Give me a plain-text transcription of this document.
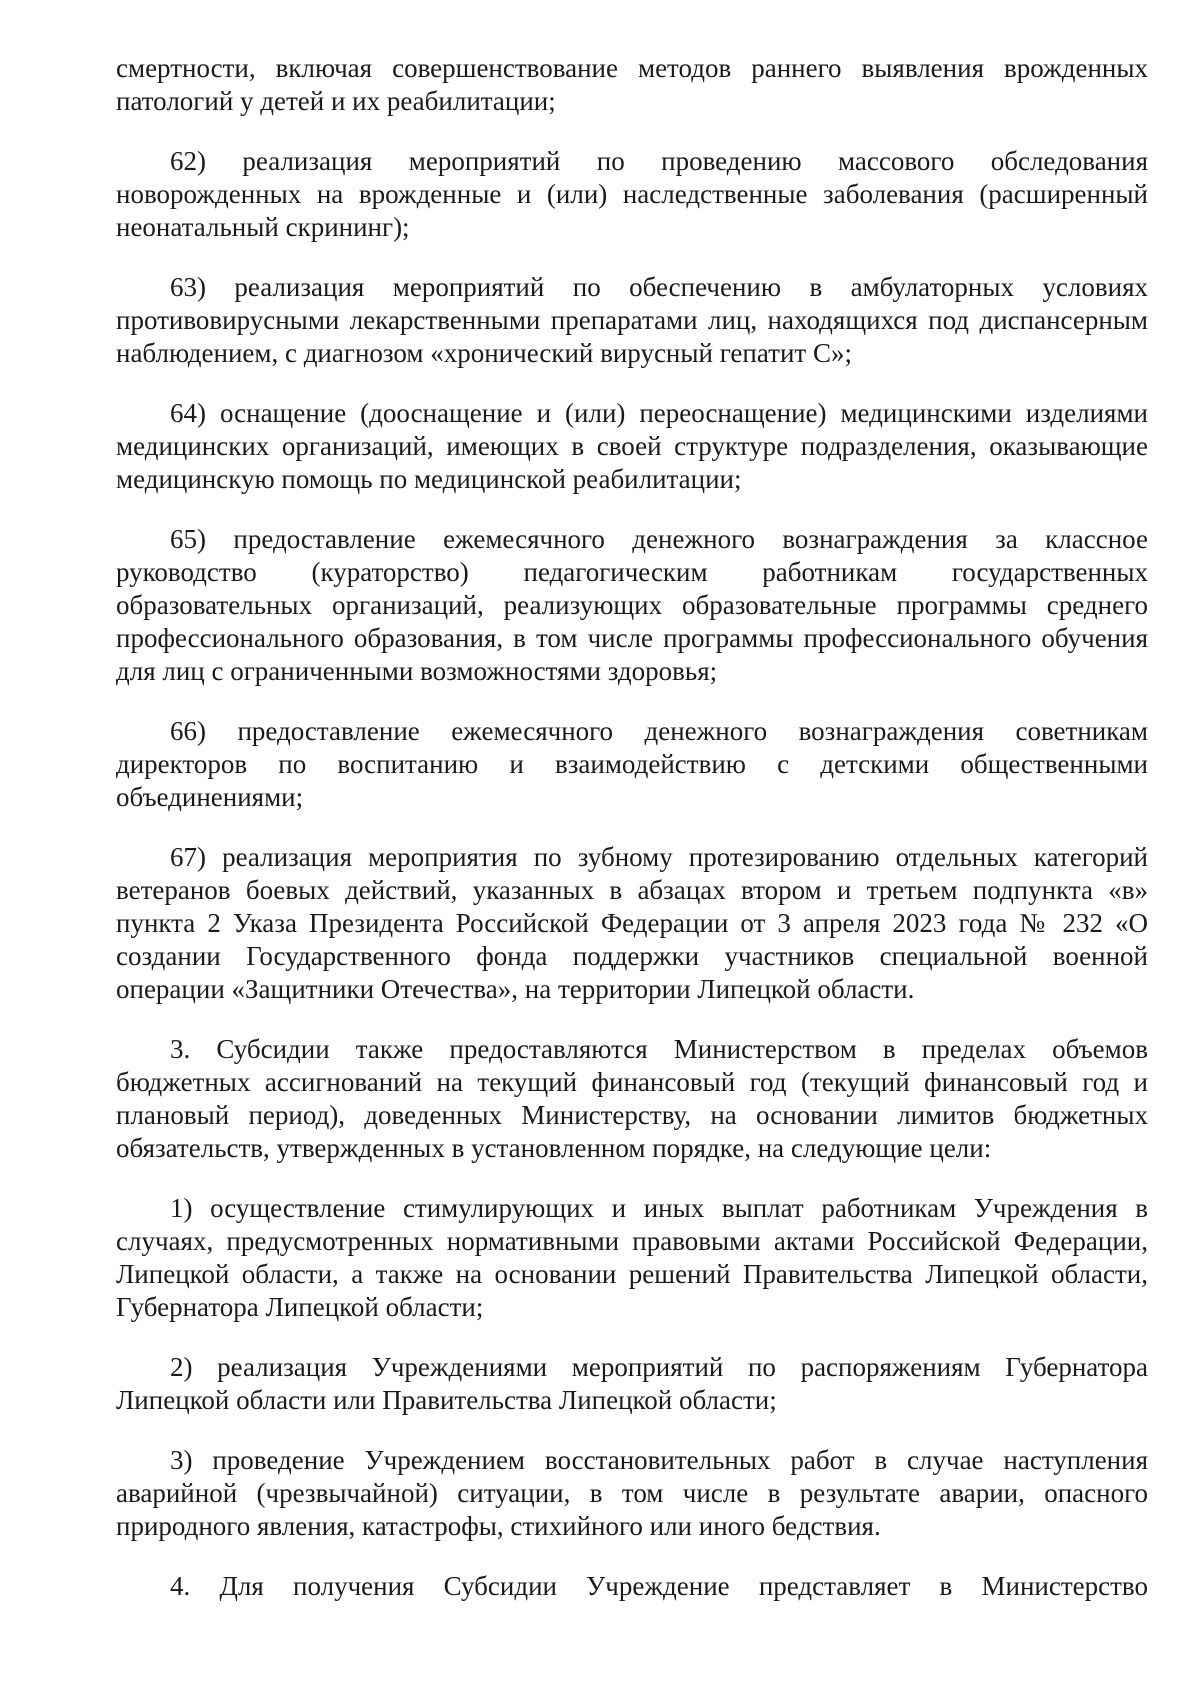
смертности, включая совершенствование методов раннего выявления врожденных патологий у детей и их реабилитации;

62) реализация мероприятий по проведению массового обследования новорожденных на врожденные и (или) наследственные заболевания (расширенный неонатальный скрининг);

63) реализация мероприятий по обеспечению в амбулаторных условиях противовирусными лекарственными препаратами лиц, находящихся под диспансерным наблюдением, с диагнозом «хронический вирусный гепатит С»;

64) оснащение (дооснащение и (или) переоснащение) медицинскими изделиями медицинских организаций, имеющих в своей структуре подразделения, оказывающие медицинскую помощь по медицинской реабилитации;

65) предоставление ежемесячного денежного вознаграждения за классное руководство (кураторство) педагогическим работникам государственных образовательных организаций, реализующих образовательные программы среднего профессионального образования, в том числе программы профессионального обучения для лиц с ограниченными возможностями здоровья;

66) предоставление ежемесячного денежного вознаграждения советникам директоров по воспитанию и взаимодействию с детскими общественными объединениями;

67) реализация мероприятия по зубному протезированию отдельных категорий ветеранов боевых действий, указанных в абзацах втором и третьем подпункта «в» пункта 2 Указа Президента Российской Федерации от 3 апреля 2023 года № 232 «О создании Государственного фонда поддержки участников специальной военной операции «Защитники Отечества», на территории Липецкой области.

3. Субсидии также предоставляются Министерством в пределах объемов бюджетных ассигнований на текущий финансовый год (текущий финансовый год и плановый период), доведенных Министерству, на основании лимитов бюджетных обязательств, утвержденных в установленном порядке, на следующие цели:

1) осуществление стимулирующих и иных выплат работникам Учреждения в случаях, предусмотренных нормативными правовыми актами Российской Федерации, Липецкой области, а также на основании решений Правительства Липецкой области, Губернатора Липецкой области;

2) реализация Учреждениями мероприятий по распоряжениям Губернатора Липецкой области или Правительства Липецкой области;

3) проведение Учреждением восстановительных работ в случае наступления аварийной (чрезвычайной) ситуации, в том числе в результате аварии, опасного природного явления, катастрофы, стихийного или иного бедствия.

4. Для получения Субсидии Учреждение представляет в Министерство
